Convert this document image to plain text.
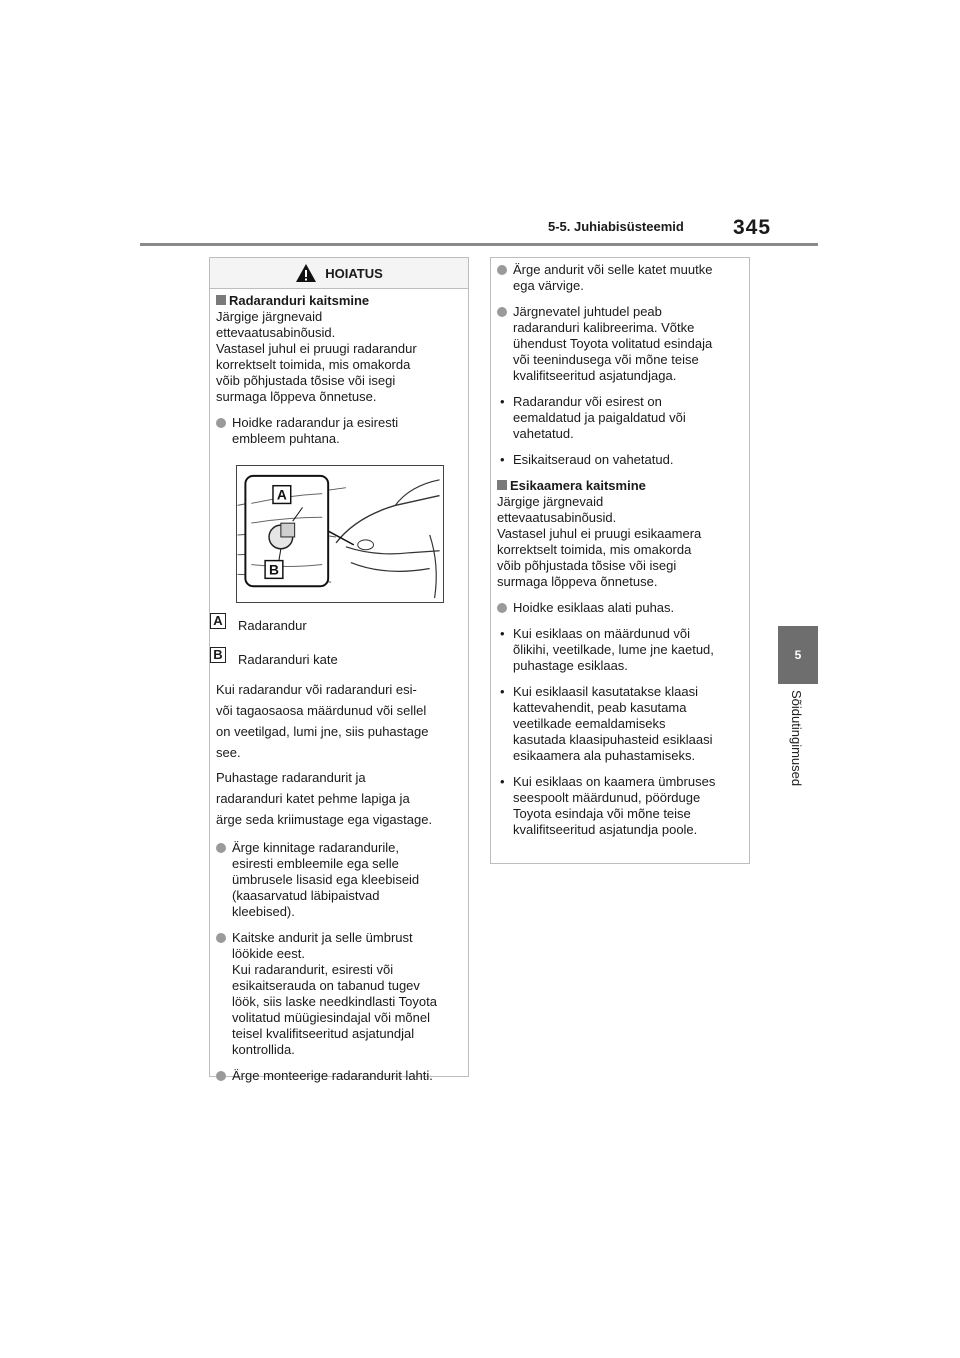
5-5. Juhiabisüsteemid 345
5
Sõidutingimused
HOIATUS

Radaranduri kaitsmine

Järgige järgnevaid
ettevaatusabinõusid.
Vastasel juhul ei pruugi radarandur
korrektselt toimida, mis omakorda
võib põhjustada tõsise või isegi
surmaga lõppeva õnnetuse.

Hoidke radarandur ja esiresti
embleem puhtana.
A
B
A Radarandur
B Radaranduri kate

Kui radarandur või radaranduri esi-
või tagaosaosa määrdunud või sellel
on veetilgad, lumi jne, siis puhastage
see.

Puhastage radarandurit ja
radaranduri katet pehme lapiga ja
ärge seda kriimustage ega vigastage.

Ärge kinnitage radarandurile,
esiresti embleemile ega selle
ümbrusele lisasid ega kleebiseid
(kaasarvatud läbipaistvad
kleebised).
Kaitske andurit ja selle ümbrust
löökide eest.
Kui radarandurit, esiresti või
esikaitserauda on tabanud tugev
löök, siis laske needkindlasti Toyota
volitatud müügiesindajal või mõnel
teisel kvalifitseeritud asjatundjal
kontrollida.
Ärge monteerige radarandurit lahti.
Ärge andurit või selle katet muutke
ega värvige.
Järgnevatel juhtudel peab
radaranduri kalibreerima. Võtke
ühendust Toyota volitatud esindaja
või teenindusega või mõne teise
kvalifitseeritud asjatundjaga.
• Radarandur või esirest on
eemaldatud ja paigaldatud või
vahetatud.
• Esikaitseraud on vahetatud.

Esikaamera kaitsmine

Järgige järgnevaid
ettevaatusabinõusid.
Vastasel juhul ei pruugi esikaamera
korrektselt toimida, mis omakorda
võib põhjustada tõsise või isegi
surmaga lõppeva õnnetuse.

Hoidke esiklaas alati puhas.
• Kui esiklaas on määrdunud või
õlikihi, veetilkade, lume jne kaetud,
puhastage esiklaas.
• Kui esiklaasil kasutatakse klaasi
kattevahendit, peab kasutama
veetilkade eemaldamiseks
kasutada klaasipuhasteid esiklaasi
esikaamera ala puhastamiseks.
• Kui esiklaas on kaamera ümbruses
seespoolt määrdunud, pöörduge
Toyota esindaja või mõne teise
kvalifitseeritud asjatundja poole.
